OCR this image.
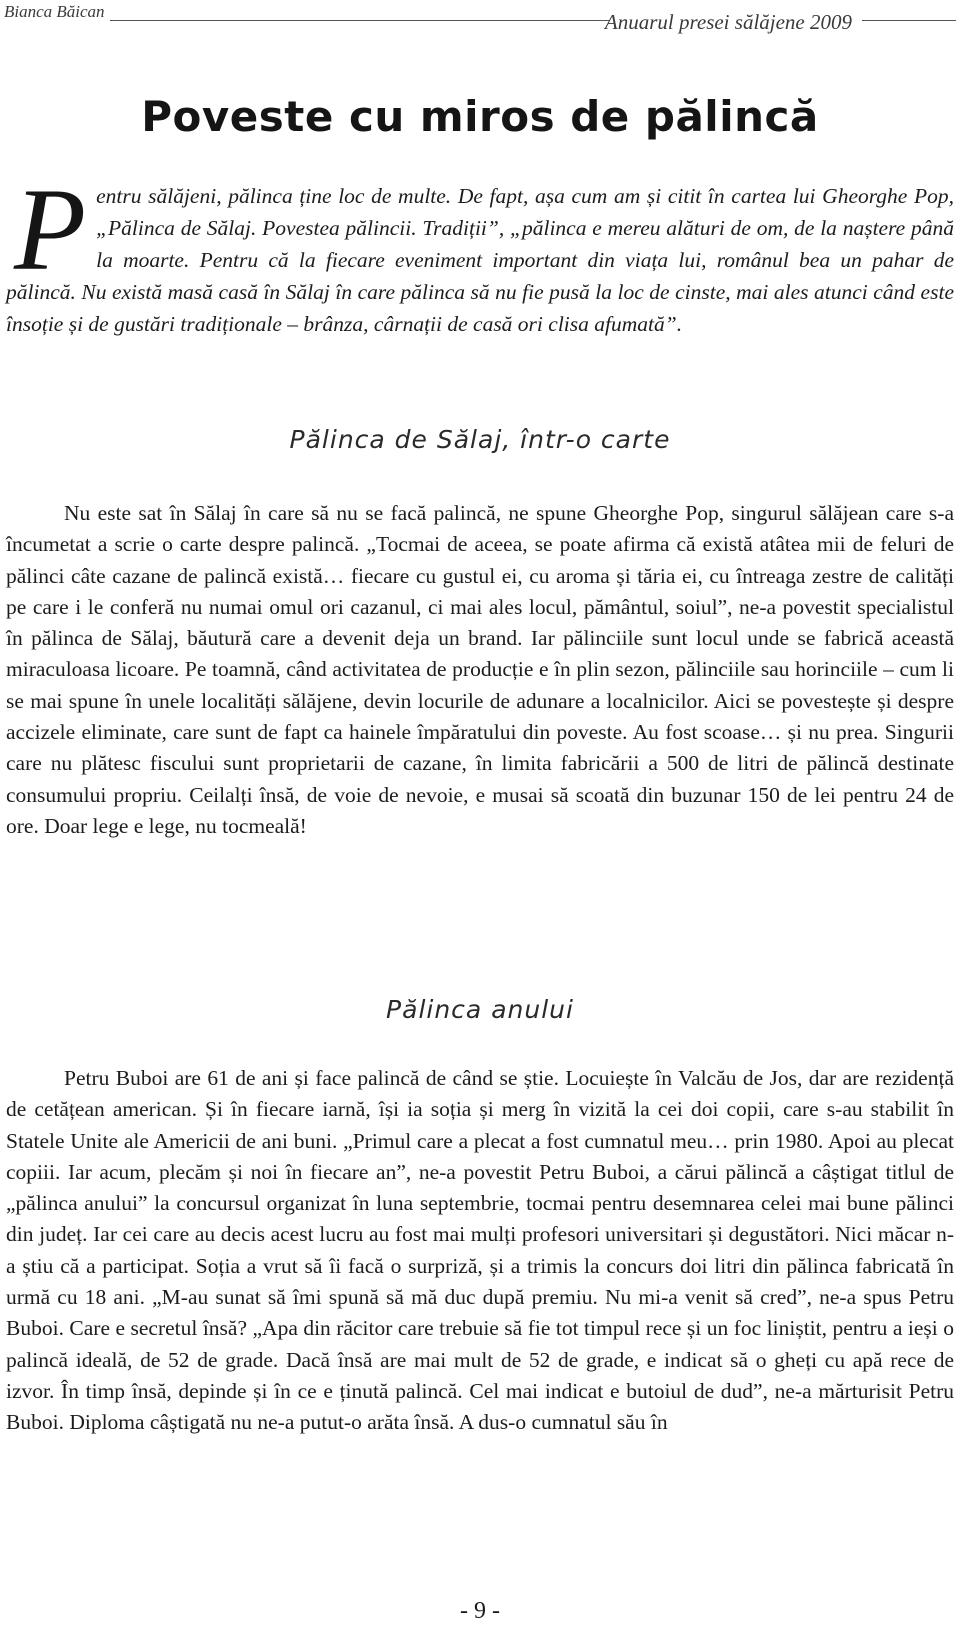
Bianca Băican	Anuarul presei sălăjene 2009
Poveste cu miros de pălincă

Pentru sălăjeni, pălinca ține loc de multe. De fapt, așa cum am și citit în cartea lui Gheorghe Pop, „Pălinca de Sălaj. Povestea pălincii. Tradiții”, „pălinca e mereu alături de om, de la naștere până la moarte. Pentru că la fiecare eveniment important din viața lui, românul bea un pahar de pălincă. Nu există masă casă în Sălaj în care pălinca să nu fie pusă la loc de cinste, mai ales atunci când este însoție și de gustări tradiționale – brânza, cârnații de casă ori clisa afumată”.

Pălinca de Sălaj, într-o carte

Nu este sat în Sălaj în care să nu se facă palincă, ne spune Gheorghe Pop, singurul sălăjean care s-a încumetat a scrie o carte despre palincă. „Tocmai de aceea, se poate afirma că există atâtea mii de feluri de pălinci câte cazane de palincă există… fiecare cu gustul ei, cu aroma și tăria ei, cu întreaga zestre de calități pe care i le conferă nu numai omul ori cazanul, ci mai ales locul, pământul, soiul”, ne-a povestit specialistul în pălinca de Sălaj, băutură care a devenit deja un brand. Iar pălinciile sunt locul unde se fabrică această miraculoasa licoare. Pe toamnă, când activitatea de producție e în plin sezon, pălinciile sau horinciile – cum li se mai spune în unele localități sălăjene, devin locurile de adunare a localnicilor. Aici se povestește și despre accizele eliminate, care sunt de fapt ca hainele împăratului din poveste. Au fost scoase… și nu prea. Singurii care nu plătesc fiscului sunt proprietarii de cazane, în limita fabricării a 500 de litri de pălincă destinate consumului propriu. Ceilalți însă, de voie de nevoie, e musai să scoată din buzunar 150 de lei pentru 24 de ore. Doar lege e lege, nu tocmeală!

Pălinca anului

Petru Buboi are 61 de ani și face palincă de când se știe. Locuiește în Valcău de Jos, dar are rezidență de cetățean american. Și în fiecare iarnă, își ia soția și merg în vizită la cei doi copii, care s-au stabilit în Statele Unite ale Americii de ani buni. „Primul care a plecat a fost cumnatul meu… prin 1980. Apoi au plecat copiii. Iar acum, plecăm și noi în fiecare an”, ne-a povestit Petru Buboi, a cărui pălincă a câștigat titlul de „pălinca anului” la concursul organizat în luna septembrie, tocmai pentru desemnarea celei mai bune pălinci din județ. Iar cei care au decis acest lucru au fost mai mulți profesori universitari și degustători. Nici măcar n-a știu că a participat. Soția a vrut să îi facă o surpriză, și a trimis la concurs doi litri din pălinca fabricată în urmă cu 18 ani. „M-au sunat să îmi spună să mă duc după premiu. Nu mi-a venit să cred”, ne-a spus Petru Buboi. Care e secretul însă? „Apa din răcitor care trebuie să fie tot timpul rece și un foc liniștit, pentru a ieși o palincă ideală, de 52 de grade. Dacă însă are mai mult de 52 de grade, e indicat să o gheți cu apă rece de izvor. În timp însă, depinde și în ce e ținută palincă. Cel mai indicat e butoiul de dud”, ne-a mărturisit Petru Buboi. Diploma câștigată nu ne-a putut-o arăta însă. A dus-o cumnatul său în

- 9 -
